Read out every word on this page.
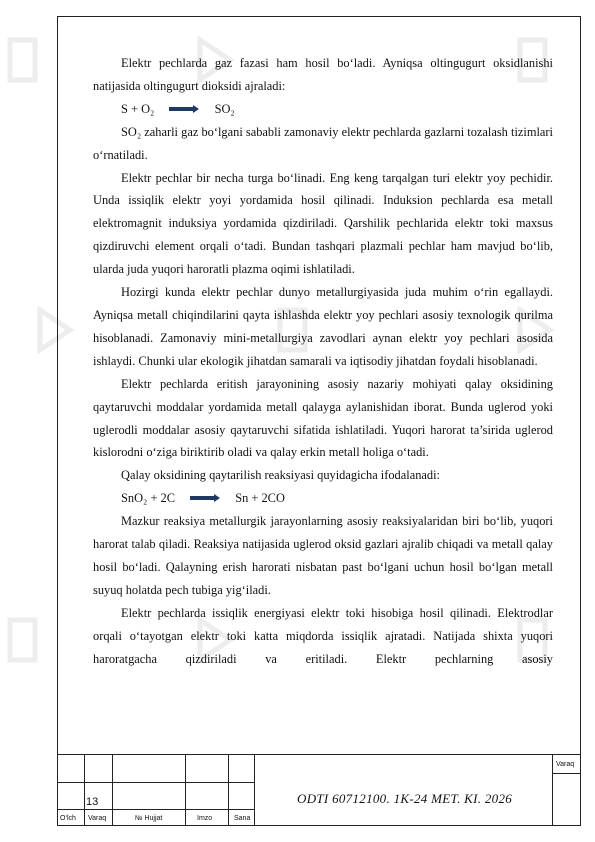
Elektr pechlarda gaz fazasi ham hosil bo‘ladi. Ayniqsa oltingugurt oksidlanishi natijasida oltingugurt dioksidi ajraladi:

S + O₂ → SO₂

SO₂ zaharli gaz bo‘lgani sababli zamonaviy elektr pechlarda gazlarni tozalash tizimlari o‘rnatiladi.

Elektr pechlar bir necha turga bo‘linadi. Eng keng tarqalgan turi elektr yoy pechidir. Unda issiqlik elektr yoyi yordamida hosil qilinadi. Induksion pechlarda esa metall elektromagnit induksiya yordamida qizdiriladi. Qarshilik pechlarida elektr toki maxsus qizdiruvchi element orqali o‘tadi. Bundan tashqari plazmali pechlar ham mavjud bo‘lib, ularda juda yuqori haroratli plazma oqimi ishlatiladi.

Hozirgi kunda elektr pechlar dunyo metallurgiyasida juda muhim o‘rin egallaydi. Ayniqsa metall chiqindilarini qayta ishlashda elektr yoy pechlari asosiy texnologik qurilma hisoblanadi. Zamonaviy mini-metallurgiya zavodlari aynan elektr yoy pechlari asosida ishlaydi. Chunki ular ekologik jihatdan samarali va iqtisodiy jihatdan foydali hisoblanadi.

Elektr pechlarda eritish jarayonining asosiy nazariy mohiyati qalay oksidining qaytaruvchi moddalar yordamida metall qalayga aylanishidan iborat. Bunda uglerod yoki uglerodli moddalar asosiy qaytaruvchi sifatida ishlatiladi. Yuqori harorat ta’sirida uglerod kislorodni o‘ziga biriktirib oladi va qalay erkin metall holiga o‘tadi.

Qalay oksidining qaytarilish reaksiyasi quyidagicha ifodalanadi:

SnO₂ + 2C → Sn + 2CO

Mazkur reaksiya metallurgik jarayonlarning asosiy reaksiyalaridan biri bo‘lib, yuqori harorat talab qiladi. Reaksiya natijasida uglerod oksid gazlari ajralib chiqadi va metall qalay hosil bo‘ladi. Qalayning erish harorati nisbatan past bo‘lgani uchun hosil bo‘lgan metall suyuq holatda pech tubiga yig‘iladi.

Elektr pechlarda issiqlik energiyasi elektr toki hisobiga hosil qilinadi. Elektrodlar orqali o‘tayotgan elektr toki katta miqdorda issiqlik ajratadi. Natijada shixta yuqori haroratgacha qizdiriladi va eritiladi. Elektr pechlarning asosiy

13
O‘lch Varaq	№ Hujjat	Imzo	Sana
ODTI 60712100. 1K-24 MET. KI. 2026
Varaq
